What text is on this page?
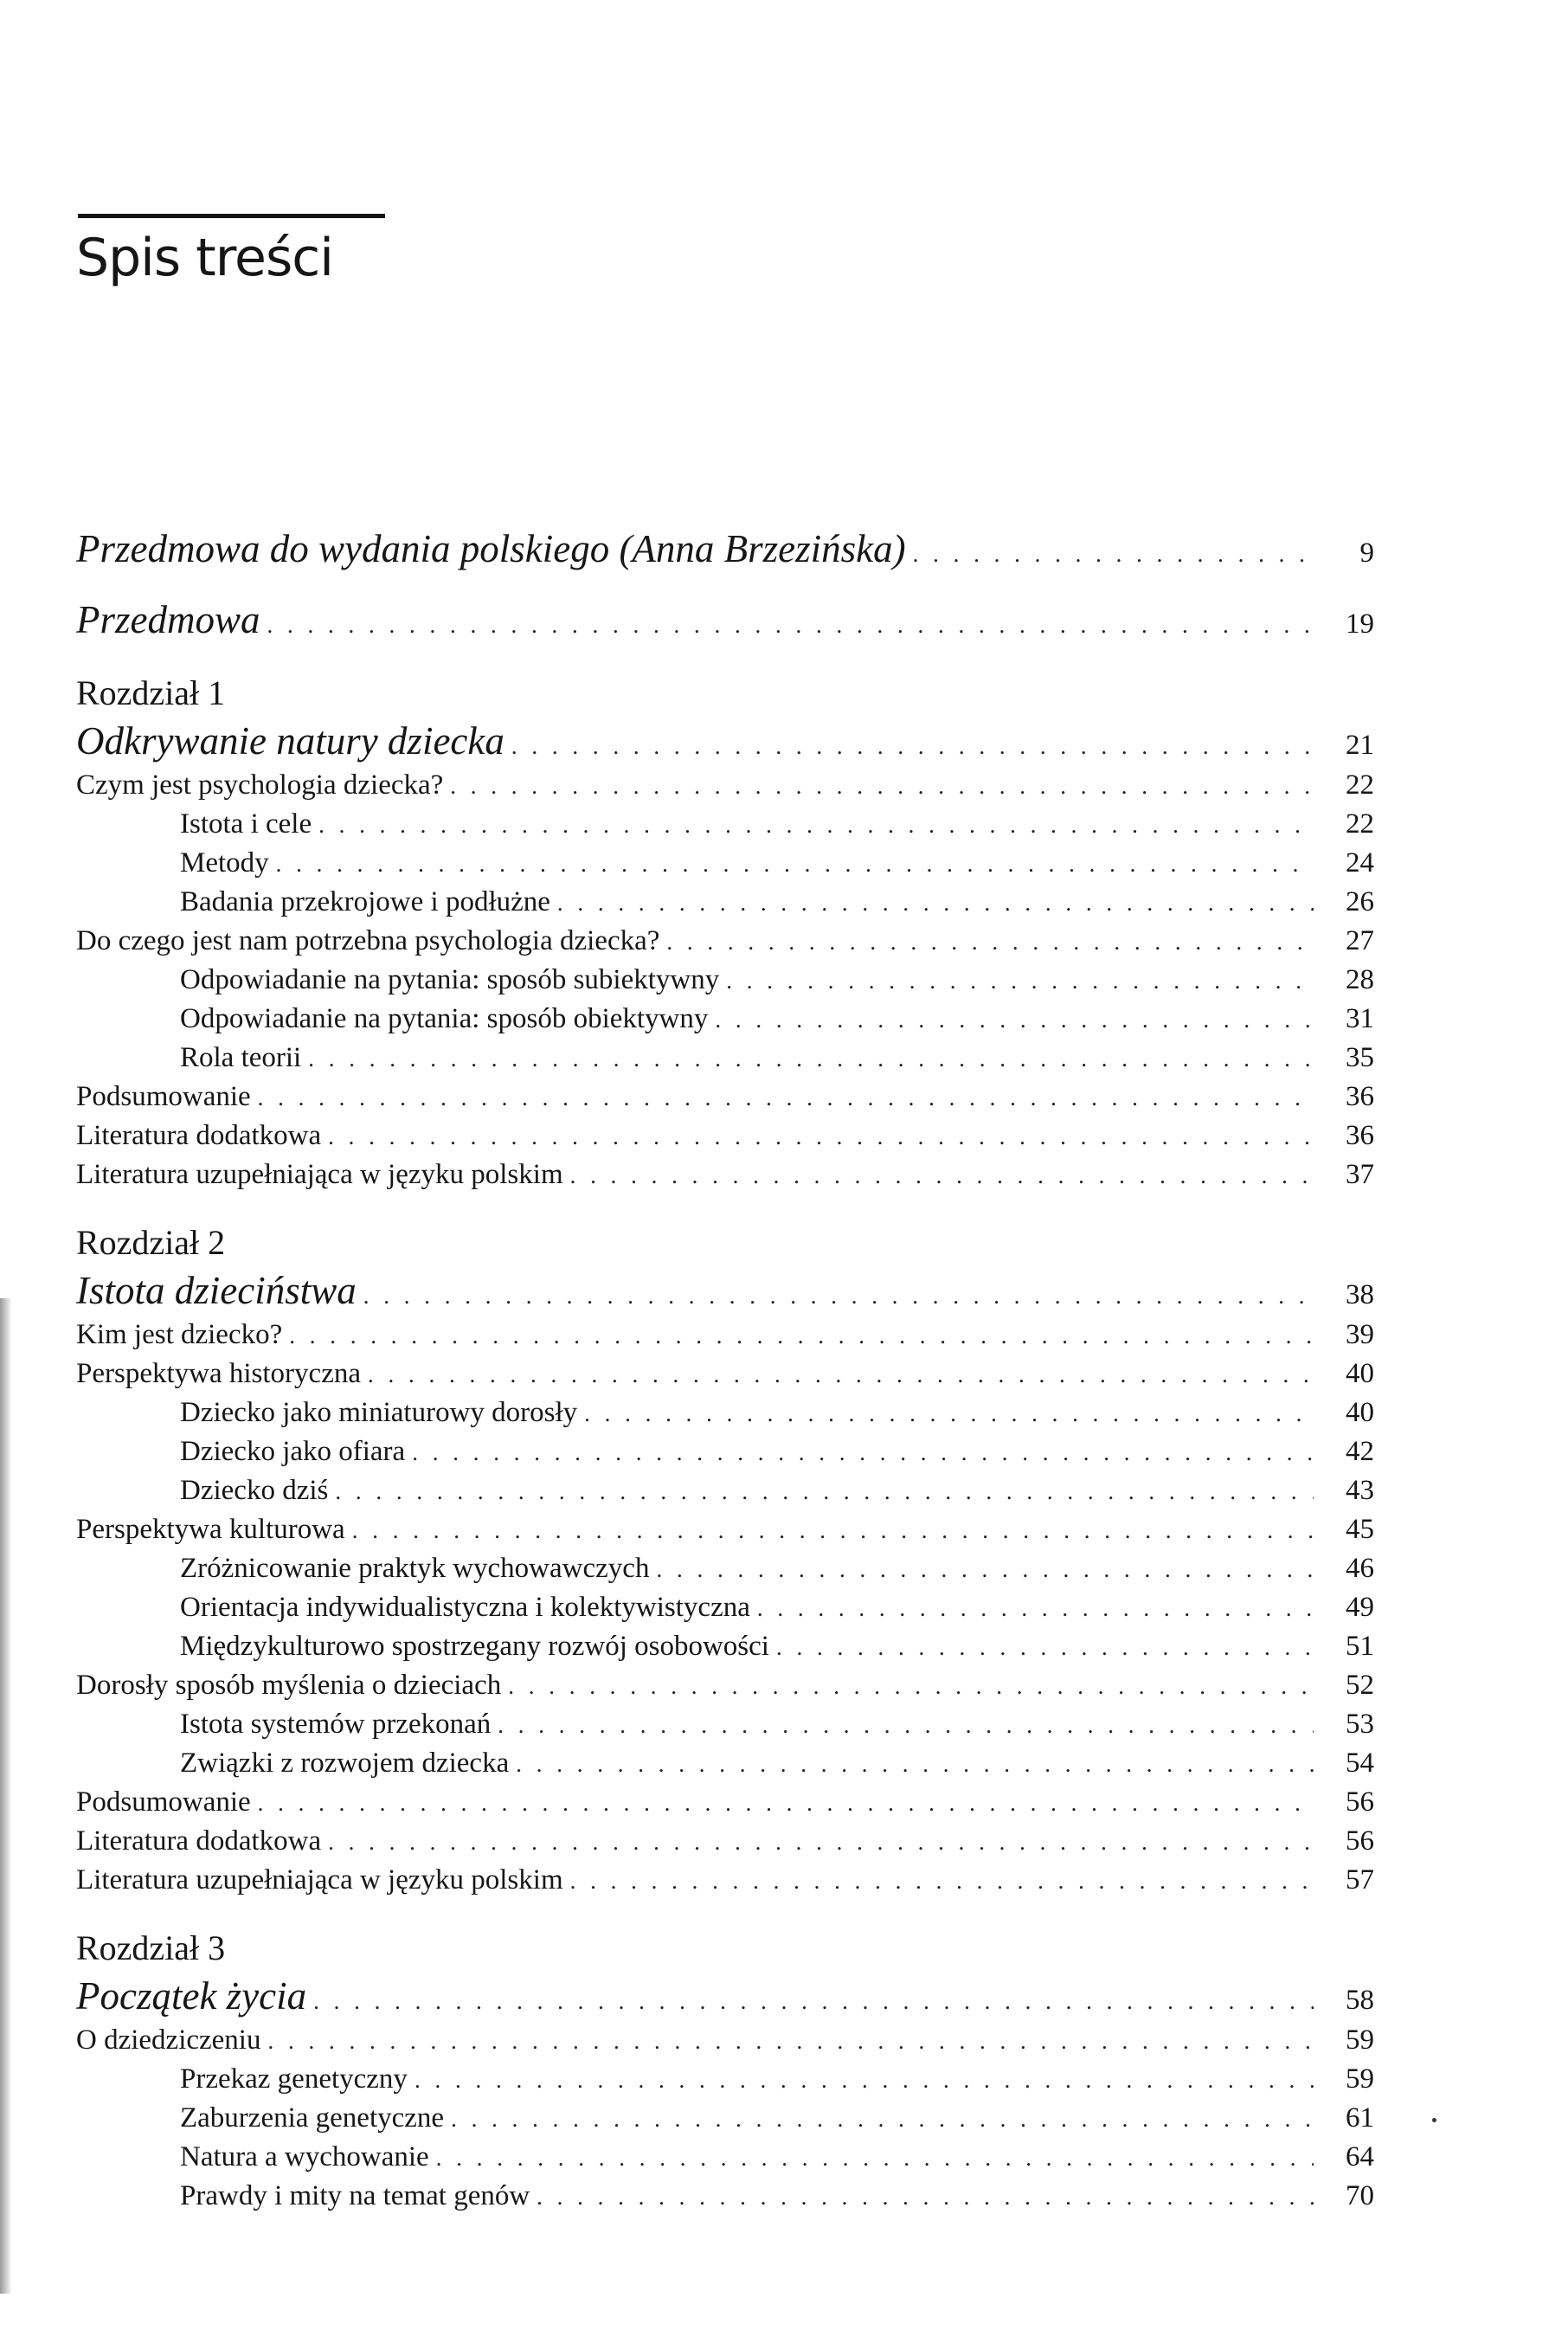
Spis treści
Przedmowa do wydania polskiego (Anna Brzezińska) . . .	9
Przedmowa . . .	19
Rozdział 1
Odkrywanie natury dziecka . . .	21
Czym jest psychologia dziecka? . . .	22
Istota i cele . . .	22
Metody . . .	24
Badania przekrojowe i podłużne . . .	26
Do czego jest nam potrzebna psychologia dziecka? . . .	27
Odpowiadanie na pytania: sposób subiektywny . . .	28
Odpowiadanie na pytania: sposób obiektywny . . .	31
Rola teorii . . .	35
Podsumowanie . . .	36
Literatura dodatkowa . . .	36
Literatura uzupełniająca w języku polskim . . .	37
Rozdział 2
Istota dzieciństwa . . .	38
Kim jest dziecko? . . .	39
Perspektywa historyczna . . .	40
Dziecko jako miniaturowy dorosły . . .	40
Dziecko jako ofiara . . .	42
Dziecko dziś . . .	43
Perspektywa kulturowa . . .	45
Zróżnicowanie praktyk wychowawczych . . .	46
Orientacja indywidualistyczna i kolektywistyczna . . .	49
Międzykulturowo spostrzegany rozwój osobowości . . .	51
Dorosły sposób myślenia o dzieciach . . .	52
Istota systemów przekonań . . .	53
Związki z rozwojem dziecka . . .	54
Podsumowanie . . .	56
Literatura dodatkowa . . .	56
Literatura uzupełniająca w języku polskim . . .	57
Rozdział 3
Początek życia . . .	58
O dziedziczeniu . . .	59
Przekaz genetyczny . . .	59
Zaburzenia genetyczne . . .	61
Natura a wychowanie . . .	64
Prawdy i mity na temat genów . . .	70
